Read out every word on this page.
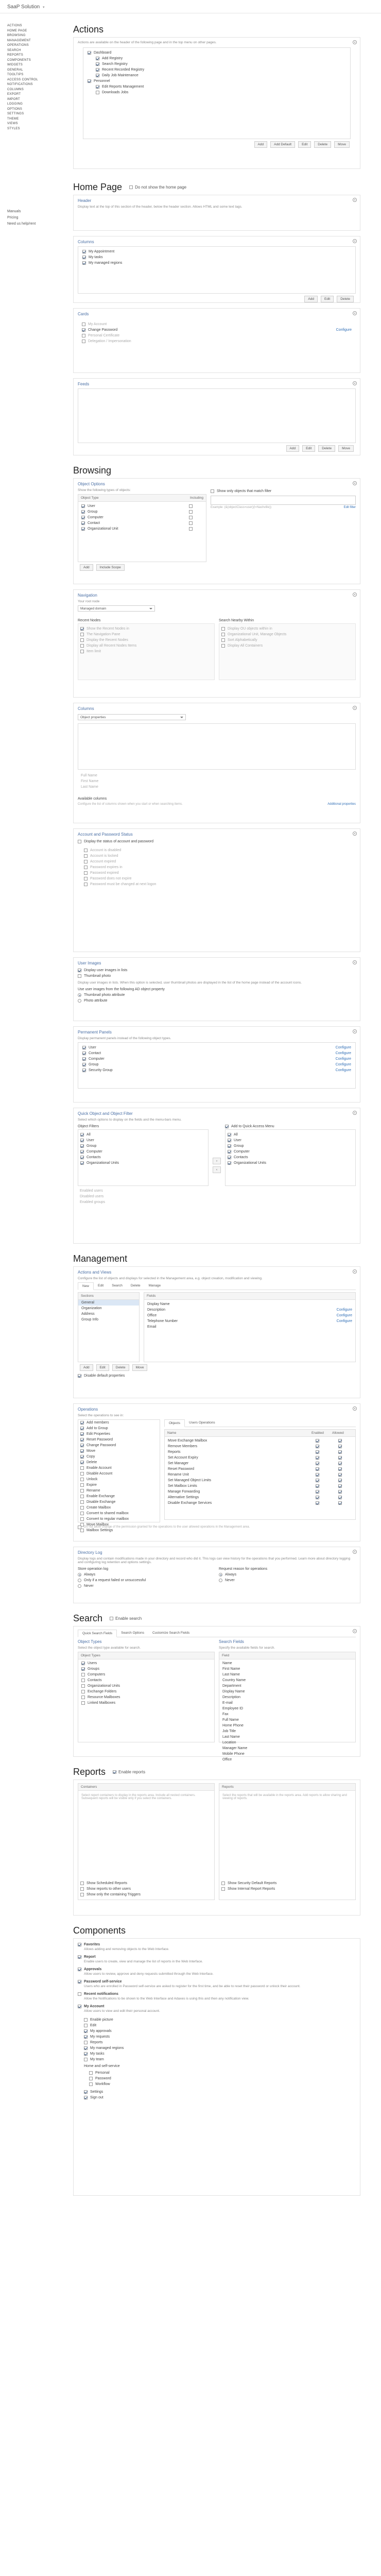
SaaP Solution ▾
ACTIONS
HOME PAGE
BROWSING
MANAGEMENT
OPERATIONS
SEARCH
REPORTS
COMPONENTS
WIDGETS
GENERAL
TOOLTIPS
ACCESS CONTROL
NOTIFICATIONS
COLUMNS
EXPORT
IMPORT
LOGGING
OPTIONS
SETTINGS
THEME
VIEWS
STYLES
Manuals
Pricing
Need us help/rent
Actions
Actions are available on the header of the following page and in the top menu on other pages.
Dashboard
Add Registry
Search Registry
Recent Recorded Registry
Daily Job Maintenance
Personnel
Edit Reports Management
Downloads Jobs
Add	Add Default	Edit	Delete	Move
Home Page	Do not show the home page
Header
Display text at the top of this section of the header, below the header section. Allows HTML and some text tags.
Columns
My Appointment
My tasks
My managed regions
Add	Edit	Delete
Cards
My Account
Change Password	Configure
Personal Certificate
Delegation / Impersonation
Feeds
Add	Edit	Delete	Move
Browsing
Object Options
Show the following types of objects:
Object Type	Including
User
Group
Computer
Contact
Organizational Unit
Add	Include Scope
Show only objects that match filter
Example: (&(objectClass=user)(l=Nashville))	Edit filter
Navigation
Your root node
Managed domain
Recent Nodes
Show the Recent Nodes in
The Navigation Pane
Display the Recent Nodes
Display all Recent Nodes Items
Item limit
Search Nearby Within
Display OU objects within in
Organizational Unit, Manage Objects
Sort Alphabetically
Display All Containers
Columns
Object properties
Full Name
First Name
Last Name
Available columns
Configure the list of columns shown when you start or when searching items.	Additional properties
Account and Password Status
Display the status of account and password
Account is disabled
Account is locked
Account expired
Password expires in
Password expired
Password does not expire
Password must be changed at next logon
User Images
Display user images in lists
Thumbnail photo
Display user images in lists. When this option is selected, user thumbnail photos are displayed in the list of the home page instead of the account icons.
Use user images from the following AD object property
Thumbnail photo attribute
Photo attribute
Permanent Panels
Display permanent panels instead of the following object types.
User	Configure
Contact	Configure
Computer	Configure
Group	Configure
Security Group	Configure
Quick Object and Object Filter
Select which options to display on the fields and the menu-bars menu.
Object Filters
All
User
Group
Computer
Contacts
Organizational Units
Enabled users
Disabled users
Enabled groups
›
‹
Add to Quick Access Menu
All
User
Group
Computer
Contacts
Organizational Units
Management
Actions and Views
Configure the list of objects and displays for selected in the Management area, e.g. object creation, modification and viewing.
New	Edit	Search	Delete	Manage
Sections
General
Organization
Address
Group Info
Fields
Display Name
Description	Configure
Office	Configure
Telephone Number	Configure
Email
Add	Edit	Delete	Move
Disable default properties
Operations
Select the operations to see in:
Add members
Add to Group
Edit Properties
Reset Password
Change Password
Move
Copy
Delete
Enable Account
Disable Account
Unlock
Expire
Rename
Enable Exchange
Disable Exchange
Create Mailbox
Convert to shared mailbox
Convert to regular mailbox
Move Mailbox
Mailbox Settings
Objects	Users Operations
Name	Enabled	Allowed
Move Exchange Mailbox
Remove Members
Reports
Set Account Expiry
Set Manager
Reset Password
Rename Unit
Set Managed Object Limits
Set Mailbox Limits
Manage Forwarding
Alternative Settings
Disable Exchange Services
Do not allow change of the permission granted for the operations to the user allowed operations in the Management area.
Directory Log
Display logs and contain modifications made in your directory and record who did it. This logs can view history for the operations that you performed. Learn more about directory logging and configuring log retention and options settings.
Store operation log
Always
Only if a request failed or unsuccessful
Never
Request reason for operations
Always
Never
Search	Enable search
Quick Search Fields	Search Options	Customize Search Fields
Object Types
Select the object type available for search.
Object Types
Users
Groups
Computers
Contacts
Organizational Units
Exchange Folders
Resource Mailboxes
Linked Mailboxes
Search Fields
Specify the available fields for search.
Field
Name
First Name
Last Name
Country Name
Department
Display Name
Description
E-mail
Employee ID
Fax
Full Name
Home Phone
Job Title
Last Name
Location
Manager Name
Mobile Phone
Office
Reports	Enable reports
Containers
Select report containers to display in the reports area. Include all nested containers. Subsequent reports will be visible only if you select the containers.
Show Scheduled Reports
Show reports to other users
Show only the containing Triggers
Reports
Select the reports that will be available in the reports area. Add reports to allow sharing and viewing of reports.
Show Security Default Reports
Show Internal Report Reports
Components
Favorites
Allows adding and removing objects to the Web Interface.
Report
Enable users to create, view and manage the list of reports in the Web Interface.
Approvals
Allow users to review, approve and deny requests submitted through the Web Interface.
Password self-service
Users who are enrolled in Password self-service are asked to register for the first time, and be able to reset their password or unlock their account.
Recent notifications
Allow the Notifications to be shown to the Web Interface and Adaxes is using this and then any notification view.
My Account
Allow users to view and edit their personal account.
Enable picture
Edit
My approvals
My requests
Reports
My managed regions
My tasks
My team
Home and self-service
Personal
Password
Workflow
Settings
Sign out
